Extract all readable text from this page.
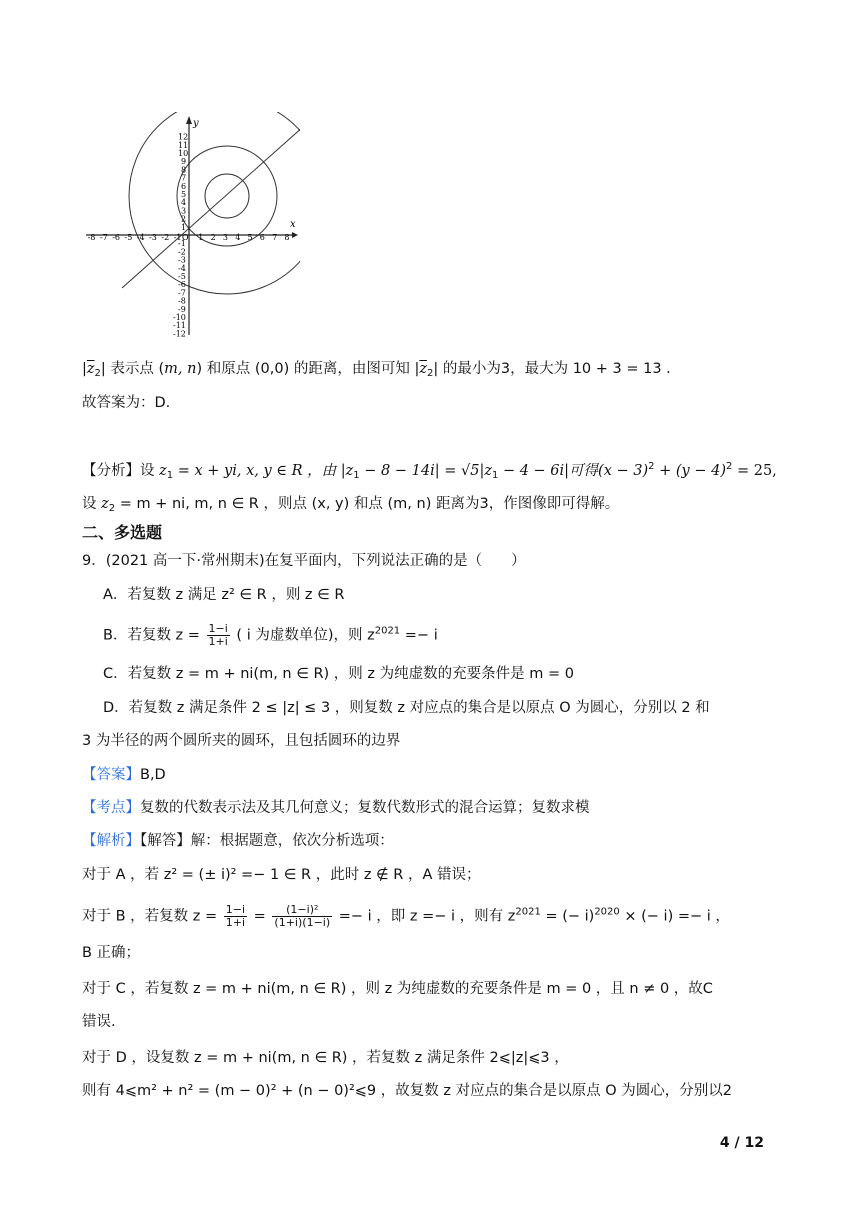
x
y
-8 -7 -6 -5 -4 -3 -2 -1 O 1 2 3 4 5 6 7 8
12
11
10
9
8
7
6
5
4
3
2
1
-1
-2
-3
-4
-5
-6
-7
-8
-9
-10
-11
-12
$|\overline{z}_2|$ 表示点 (m, n) 和原点 (0,0) 的距离，由图可知 $|\overline{z}_2|$ 的最小为3，最大为 10 + 3 = 13 .
故答案为：D.
【分析】设 $z_1 = x$ + yi, x, y ∈ R ，由 $|z_1 - 8 - 14i| = √5|z_1 - 4 - 6i|$可得$(x - 3)^2 + (y - 4)^2 = 25$,
设 $z_2 = m$ + ni, m, n ∈ R ，则点 (x, y) 和点 (m, n) 距离为3，作图像即可得解。
二、多选题
9．(2021 高一下·常州期末)在复平面内，下列说法正确的是（　　）
A．若复数 z 满足 z² ∈ R ，则 z ∈ R
B．若复数 $z = \frac{1-i}{1+i}$ ( i 为虚数单位)，则 $z^{2021} =- i$
C．若复数 z = m + ni(m, n ∈ R) ，则 z 为纯虚数的充要条件是 m = 0
D．若复数 z 满足条件 2 ≤ |z| ≤ 3 ，则复数 z 对应点的集合是以原点 O 为圆心，分别以 2 和
3 为半径的两个圆所夹的圆环，且包括圆环的边界
【答案】B,D
【考点】复数的代数表示法及其几何意义；复数代数形式的混合运算；复数求模
【解析】【解答】解：根据题意，依次分析选项：
对于 A ，若 z² = (± i)² =− 1 ∈ R ，此时 z ∉ R ，A 错误；
对于 B ，若复数 $z = \frac{1-i}{1+i} = \frac{\text{(1−i)²}}{(1+i)(1-i)} =- i$ ，即 z =− i ，则有 $z^{2021}$ = (− i)$^{2020}$ × (− i) =− i ，
B 正确；
对于 C ，若复数 z = m + ni(m, n ∈ R) ，则 z 为纯虚数的充要条件是 m = 0 ，且 n ≠ 0 ，故C
错误.
对于 D ，设复数 z = m + ni(m, n ∈ R) ，若复数 z 满足条件 2⩽|z|⩽3 ，
则有 4⩽m² + n² = (m − 0)² + (n − 0)²⩽9 ，故复数 z 对应点的集合是以原点 O 为圆心，分别以2
4 / 12
